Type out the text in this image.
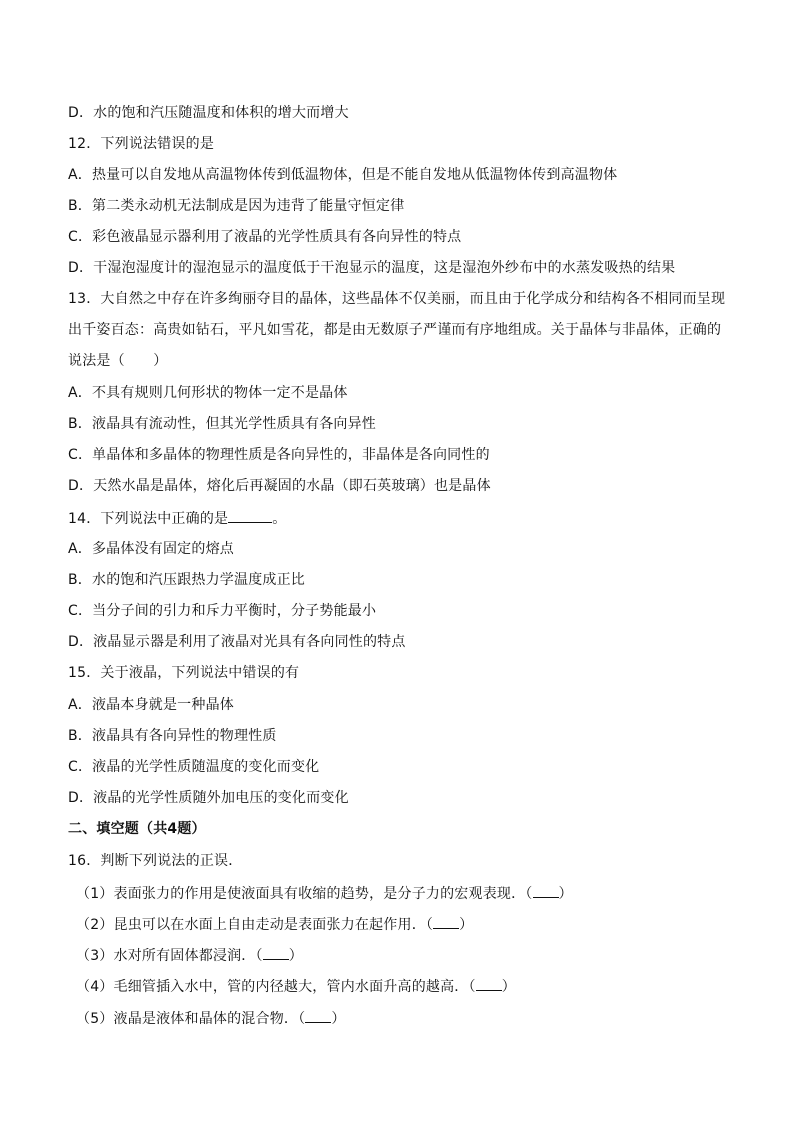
D．水的饱和汽压随温度和体积的增大而增大
12．下列说法错误的是
A．热量可以自发地从高温物体传到低温物体，但是不能自发地从低温物体传到高温物体
B．第二类永动机无法制成是因为违背了能量守恒定律
C．彩色液晶显示器利用了液晶的光学性质具有各向异性的特点
D．干湿泡湿度计的湿泡显示的温度低于干泡显示的温度，这是湿泡外纱布中的水蒸发吸热的结果
13．大自然之中存在许多绚丽夺目的晶体，这些晶体不仅美丽，而且由于化学成分和结构各不相同而呈现
出千姿百态：高贵如钻石，平凡如雪花，都是由无数原子严谨而有序地组成。关于晶体与非晶体，正确的
说法是（　　）
A．不具有规则几何形状的物体一定不是晶体
B．液晶具有流动性，但其光学性质具有各向异性
C．单晶体和多晶体的物理性质是各向异性的，非晶体是各向同性的
D．天然水晶是晶体，熔化后再凝固的水晶（即石英玻璃）也是晶体
14．下列说法中正确的是	。
A．多晶体没有固定的熔点
B．水的饱和汽压跟热力学温度成正比
C．当分子间的引力和斥力平衡时，分子势能最小
D．液晶显示器是利用了液晶对光具有各向同性的特点
15．关于液晶，下列说法中错误的有
A．液晶本身就是一种晶体
B．液晶具有各向异性的物理性质
C．液晶的光学性质随温度的变化而变化
D．液晶的光学性质随外加电压的变化而变化
二、填空题（共4题）
16．判断下列说法的正误．
（1）表面张力的作用是使液面具有收缩的趋势，是分子力的宏观表现．（ ）
（2）昆虫可以在水面上自由走动是表面张力在起作用．（ ）
（3）水对所有固体都浸润．（ ）
（4）毛细管插入水中，管的内径越大，管内水面升高的越高．（ ）
（5）液晶是液体和晶体的混合物．（ ）
